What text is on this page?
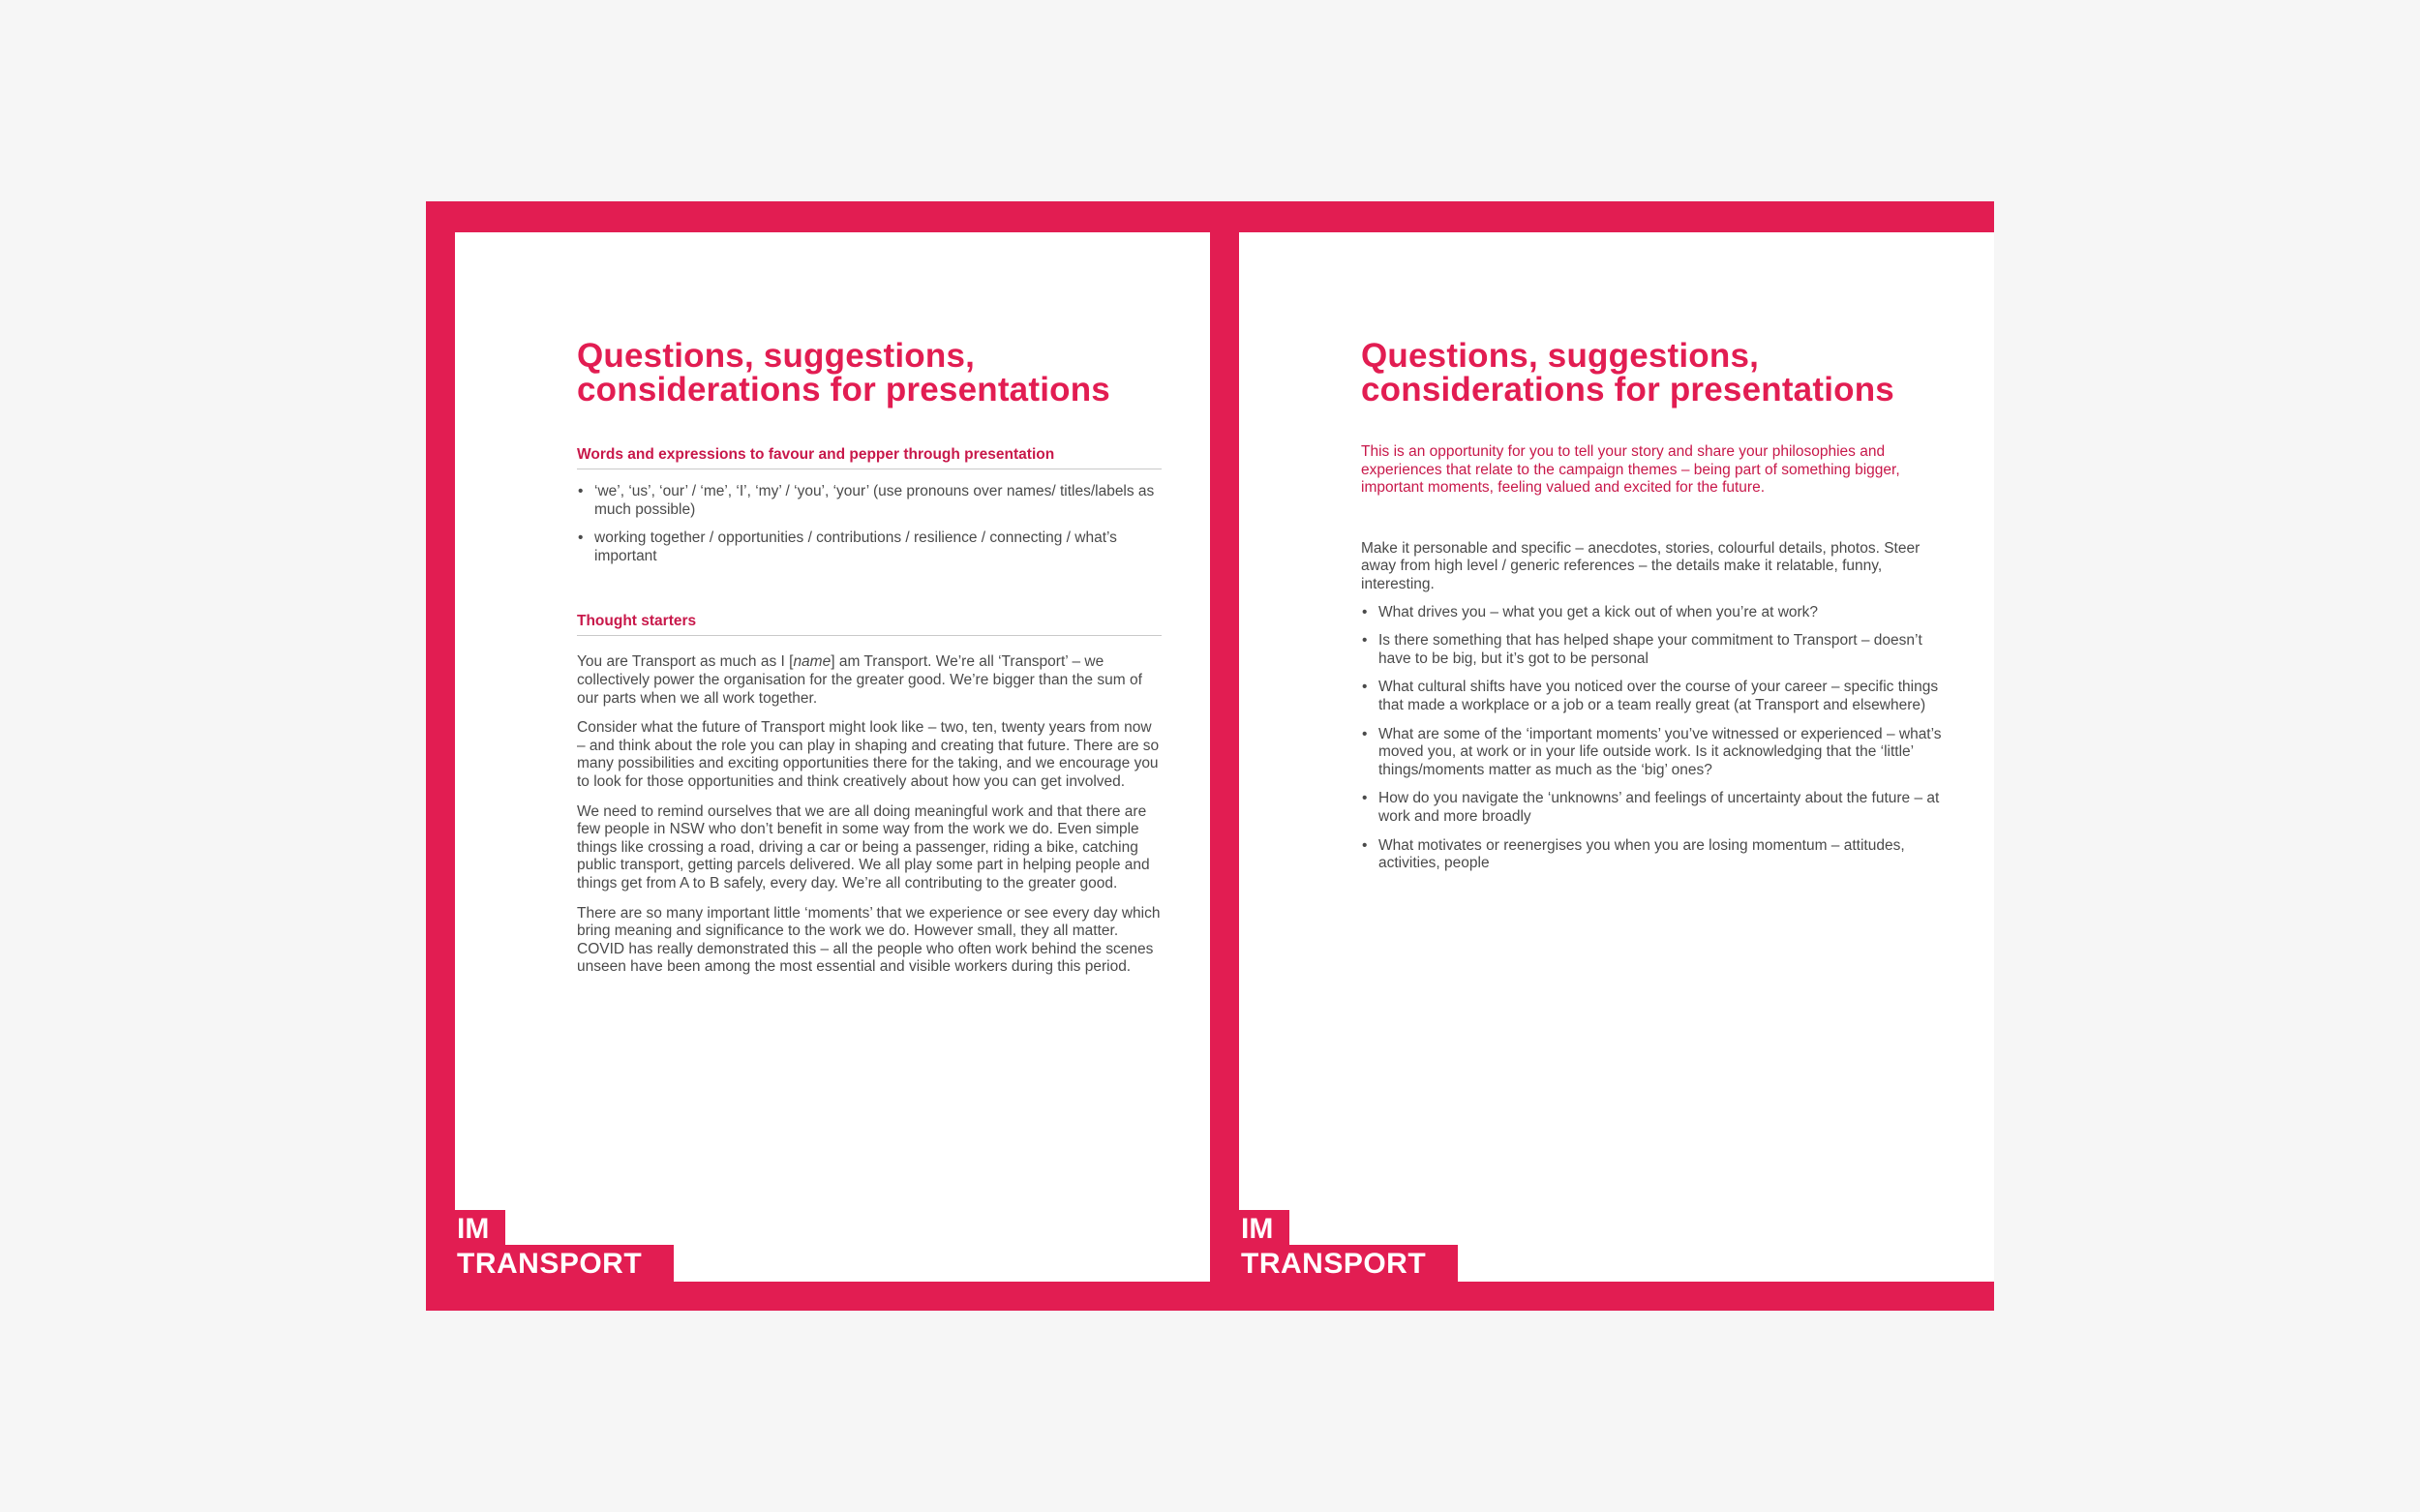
Questions, suggestions, considerations for presentations
Words and expressions to favour and pepper through presentation
• ‘we’, ‘us’, ‘our’ / ‘me’, ‘I’, ‘my’ / ‘you’, ‘your’ (use pronouns over names/ titles/labels as much possible)
• working together / opportunities / contributions / resilience / connecting / what’s important
Thought starters

You are Transport as much as I [name] am Transport. We’re all ‘Transport’ – we collectively power the organisation for the greater good. We’re bigger than the sum of our parts when we all work together.

Consider what the future of Transport might look like – two, ten, twenty years from now – and think about the role you can play in shaping and creating that future. There are so many possibilities and exciting opportunities there for the taking, and we encourage you to look for those opportunities and think creatively about how you can get involved.

We need to remind ourselves that we are all doing meaningful work and that there are few people in NSW who don’t benefit in some way from the work we do. Even simple things like crossing a road, driving a car or being a passenger, riding a bike, catching public transport, getting parcels delivered. We all play some part in helping people and things get from A to B safely, every day. We’re all contributing to the greater good.

There are so many important little ‘moments’ that we experience or see every day which bring meaning and significance to the work we do. However small, they all matter. COVID has really demonstrated this – all the people who often work behind the scenes unseen have been among the most essential and visible workers during this period.

IM
TRANSPORT
Questions, suggestions, considerations for presentations

This is an opportunity for you to tell your story and share your philosophies and experiences that relate to the campaign themes – being part of something bigger, important moments, feeling valued and excited for the future.

Make it personable and specific – anecdotes, stories, colourful details, photos. Steer away from high level / generic references – the details make it relatable, funny, interesting.

• What drives you – what you get a kick out of when you’re at work?
• Is there something that has helped shape your commitment to Transport – doesn’t have to be big, but it’s got to be personal
• What cultural shifts have you noticed over the course of your career – specific things that made a workplace or a job or a team really great (at Transport and elsewhere)
• What are some of the ‘important moments’ you’ve witnessed or experienced – what’s moved you, at work or in your life outside work. Is it acknowledging that the ‘little’ things/moments matter as much as the ‘big’ ones?
• How do you navigate the ‘unknowns’ and feelings of uncertainty about the future – at work and more broadly
• What motivates or reenergises you when you are losing momentum – attitudes, activities, people
IM
TRANSPORT
